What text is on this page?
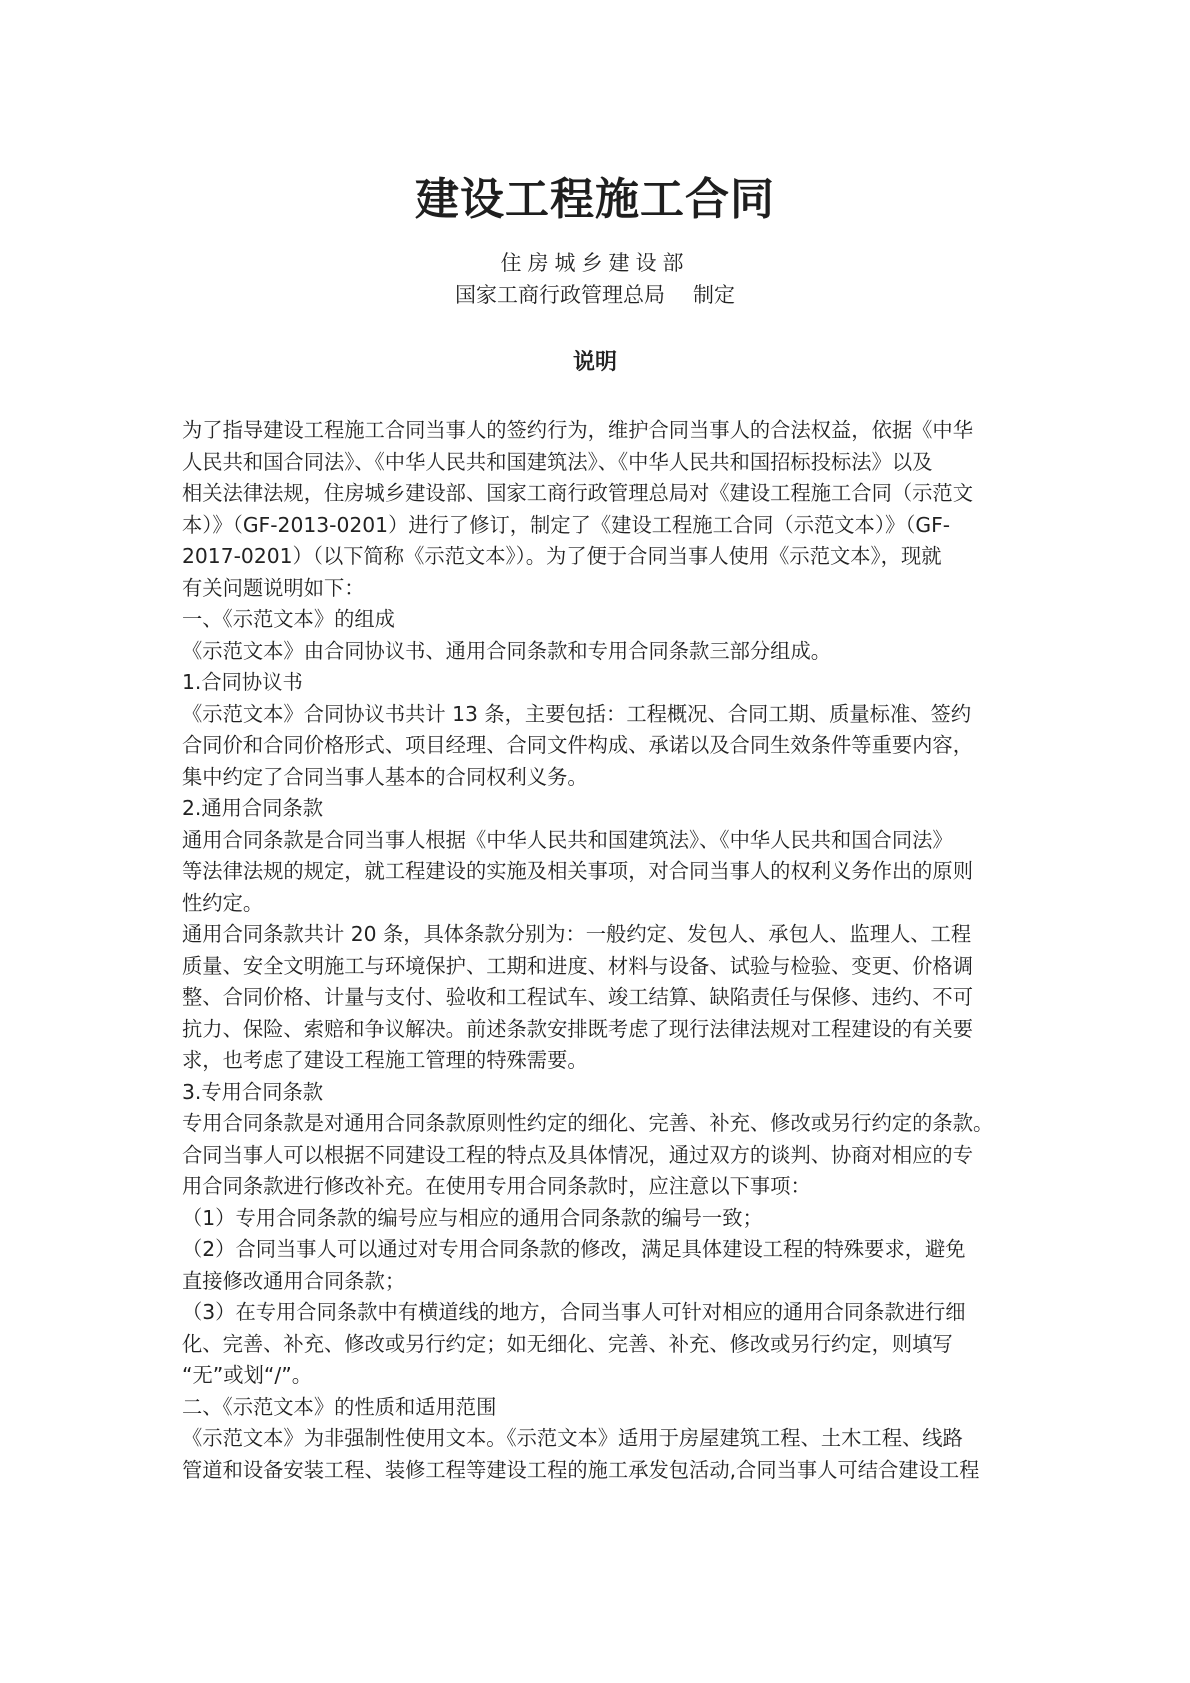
建设工程施工合同
住房城乡建设部
国家工商行政管理总局 制定
说明
为了指导建设工程施工合同当事人的签约行为，维护合同当事人的合法权益，依据《中华
人民共和国合同法》、《中华人民共和国建筑法》、《中华人民共和国招标投标法》以及
相关法律法规，住房城乡建设部、国家工商行政管理总局对《建设工程施工合同（示范文
本）》（GF-2013-0201）进行了修订，制定了《建设工程施工合同（示范文本）》（GF-
2017-0201）（以下简称《示范文本》）。为了便于合同当事人使用《示范文本》，现就
有关问题说明如下：
一、《示范文本》的组成
《示范文本》由合同协议书、通用合同条款和专用合同条款三部分组成。
1.合同协议书
《示范文本》合同协议书共计 13 条，主要包括：工程概况、合同工期、质量标准、签约
合同价和合同价格形式、项目经理、合同文件构成、承诺以及合同生效条件等重要内容，
集中约定了合同当事人基本的合同权利义务。
2.通用合同条款
通用合同条款是合同当事人根据《中华人民共和国建筑法》、《中华人民共和国合同法》
等法律法规的规定，就工程建设的实施及相关事项，对合同当事人的权利义务作出的原则
性约定。
通用合同条款共计 20 条，具体条款分别为：一般约定、发包人、承包人、监理人、工程
质量、安全文明施工与环境保护、工期和进度、材料与设备、试验与检验、变更、价格调
整、合同价格、计量与支付、验收和工程试车、竣工结算、缺陷责任与保修、违约、不可
抗力、保险、索赔和争议解决。前述条款安排既考虑了现行法律法规对工程建设的有关要
求，也考虑了建设工程施工管理的特殊需要。
3.专用合同条款
专用合同条款是对通用合同条款原则性约定的细化、完善、补充、修改或另行约定的条款。
合同当事人可以根据不同建设工程的特点及具体情况，通过双方的谈判、协商对相应的专
用合同条款进行修改补充。在使用专用合同条款时，应注意以下事项：
（1）专用合同条款的编号应与相应的通用合同条款的编号一致；
（2）合同当事人可以通过对专用合同条款的修改，满足具体建设工程的特殊要求，避免
直接修改通用合同条款；
（3）在专用合同条款中有横道线的地方，合同当事人可针对相应的通用合同条款进行细
化、完善、补充、修改或另行约定；如无细化、完善、补充、修改或另行约定，则填写
“无”或划“/”。
二、《示范文本》的性质和适用范围
《示范文本》为非强制性使用文本。《示范文本》适用于房屋建筑工程、土木工程、线路
管道和设备安装工程、装修工程等建设工程的施工承发包活动,合同当事人可结合建设工程
